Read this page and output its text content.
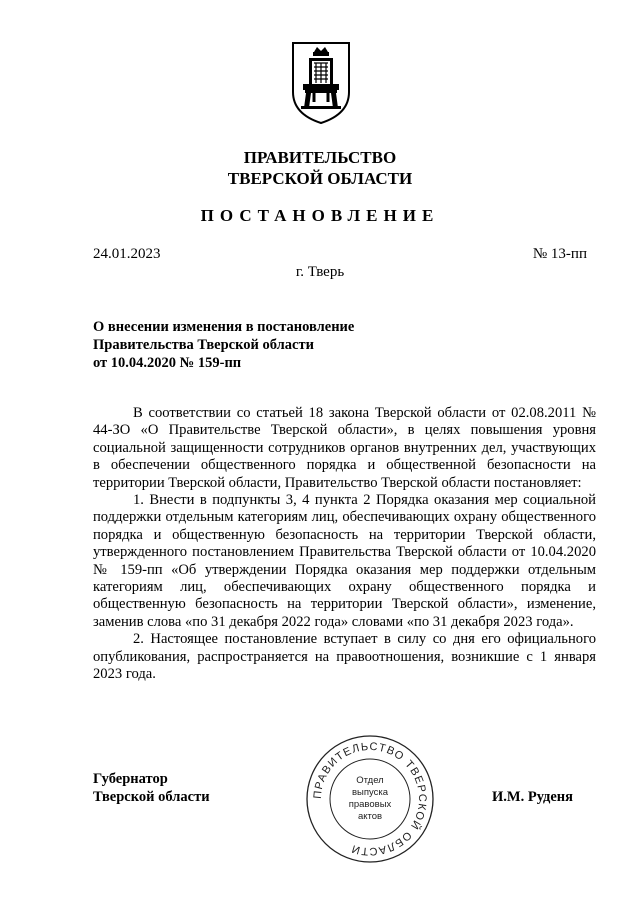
ПРАВИТЕЛЬСТВО
ТВЕРСКОЙ ОБЛАСТИ
ПОСТАНОВЛЕНИЕ
24.01.2023	№ 13-пп
г. Тверь
О внесении изменения в постановление
Правительства Тверской области
от 10.04.2020 № 159-пп

В соответствии со статьей 18 закона Тверской области от 02.08.2011 № 44-ЗО «О Правительстве Тверской области», в целях повышения уровня социальной защищенности сотрудников органов внутренних дел, участвующих в обеспечении общественного порядка и общественной безопасности на территории Тверской области, Правительство Тверской области постановляет:

1. Внести в подпункты 3, 4 пункта 2 Порядка оказания мер социальной поддержки отдельным категориям лиц, обеспечивающих охрану общественного порядка и общественную безопасность на территории Тверской области, утвержденного постановлением Правительства Тверской области от 10.04.2020 № 159-пп «Об утверждении Порядка оказания мер поддержки отдельным категориям лиц, обеспечивающих охрану общественного порядка и общественную безопасность на территории Тверской области», изменение, заменив слова «по 31 декабря 2022 года» словами «по 31 декабря 2023 года».

2. Настоящее постановление вступает в силу со дня его официального опубликования, распространяется на правоотношения, возникшие с 1 января 2023 года.

Губернатор
Тверской области	И.М. Руденя
ПРАВИТЕЛЬСТВО ТВЕРСКОЙ ОБЛАСТИ
Отдел
выпуска
правовых
актов
